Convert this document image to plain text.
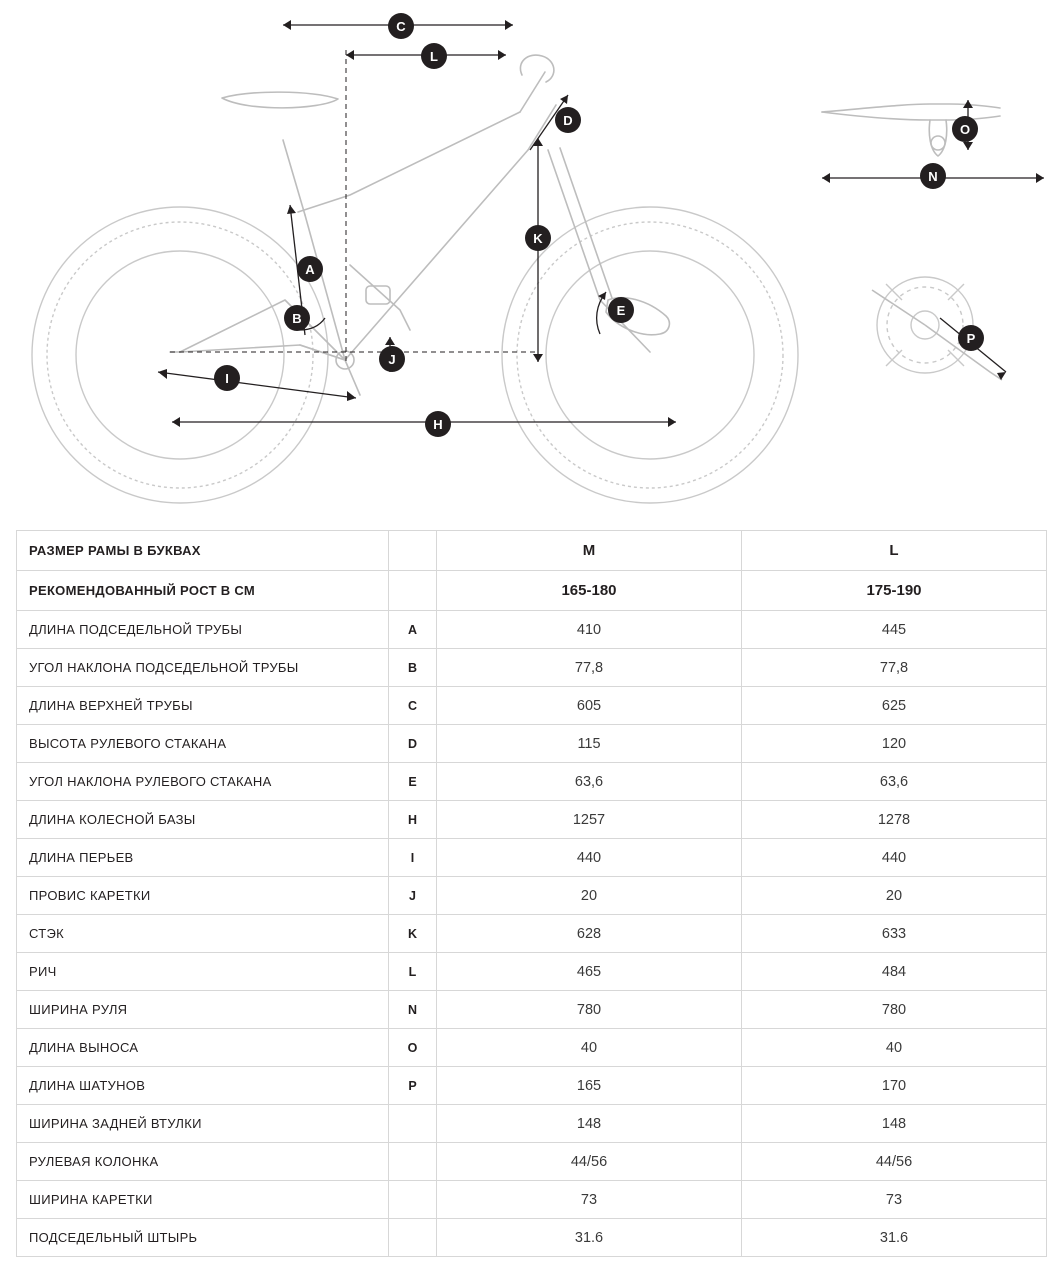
C
L
D
O
N
K
A
B
P
E
J
I
H
РАЗМЕР РАМЫ В БУКВАХ		M	L
РЕКОМЕНДОВАННЫЙ РОСТ В СМ		165-180	175-190
ДЛИНА ПОДСЕДЕЛЬНОЙ ТРУБЫ	A	410	445
УГОЛ НАКЛОНА ПОДСЕДЕЛЬНОЙ ТРУБЫ	B	77,8	77,8
ДЛИНА ВЕРХНЕЙ ТРУБЫ	C	605	625
ВЫСОТА РУЛЕВОГО СТАКАНА	D	115	120
УГОЛ НАКЛОНА РУЛЕВОГО СТАКАНА	E	63,6	63,6
ДЛИНА КОЛЕСНОЙ БАЗЫ	H	1257	1278
ДЛИНА ПЕРЬЕВ	I	440	440
ПРОВИС КАРЕТКИ	J	20	20
СТЭК	K	628	633
РИЧ	L	465	484
ШИРИНА РУЛЯ	N	780	780
ДЛИНА ВЫНОСА	O	40	40
ДЛИНА ШАТУНОВ	P	165	170
ШИРИНА ЗАДНЕЙ ВТУЛКИ		148	148
РУЛЕВАЯ КОЛОНКА		44/56	44/56
ШИРИНА КАРЕТКИ		73	73
ПОДСЕДЕЛЬНЫЙ ШТЫРЬ		31.6	31.6
